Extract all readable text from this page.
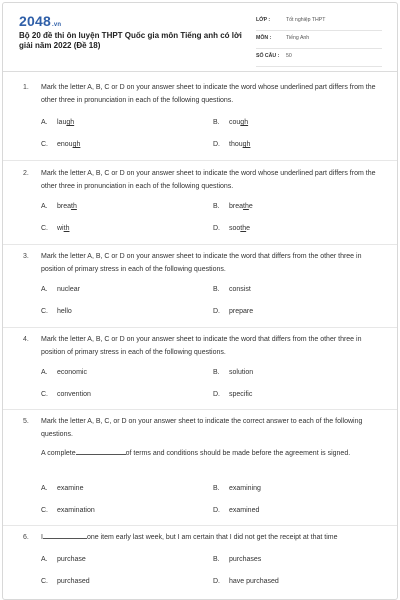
2048.vn
Bộ 20 đề thi ôn luyện THPT Quốc gia môn Tiếng anh có lời giải năm 2022 (Đề 18)
LỚP :	Tốt nghiệp THPT
MÔN :	Tiếng Anh
SỐ CÂU : 50
1. Mark the letter A, B, C or D on your answer sheet to indicate the word whose underlined part differs from the other three in pronunciation in each of the following questions.
A. laugh	B. cough
C. enough	D. though
2. Mark the letter A, B, C or D on your answer sheet to indicate the word whose underlined part differs from the other three in pronunciation in each of the following questions.
A. breath	B. breathe
C. with	D. soothe
3. Mark the letter A, B, C or D on your answer sheet to indicate the word that differs from the other three in position of primary stress in each of the following questions.
A. nuclear	B. consist
C. hello	D. prepare
4. Mark the letter A, B, C or D on your answer sheet to indicate the word that differs from the other three in position of primary stress in each of the following questions.
A. economic	B. solution
C. convention	D. specific
5. Mark the letter A, B, C, or D on your answer sheet to indicate the correct answer to each of the following questions.
A complete	of terms and conditions should be made before the agreement is signed.
A. examine	B. examining
C. examination	D. examined
6. I	one item early last week, but I am certain that I did not get the receipt at that time
A. purchase	B. purchases
C. purchased	D. have purchased
